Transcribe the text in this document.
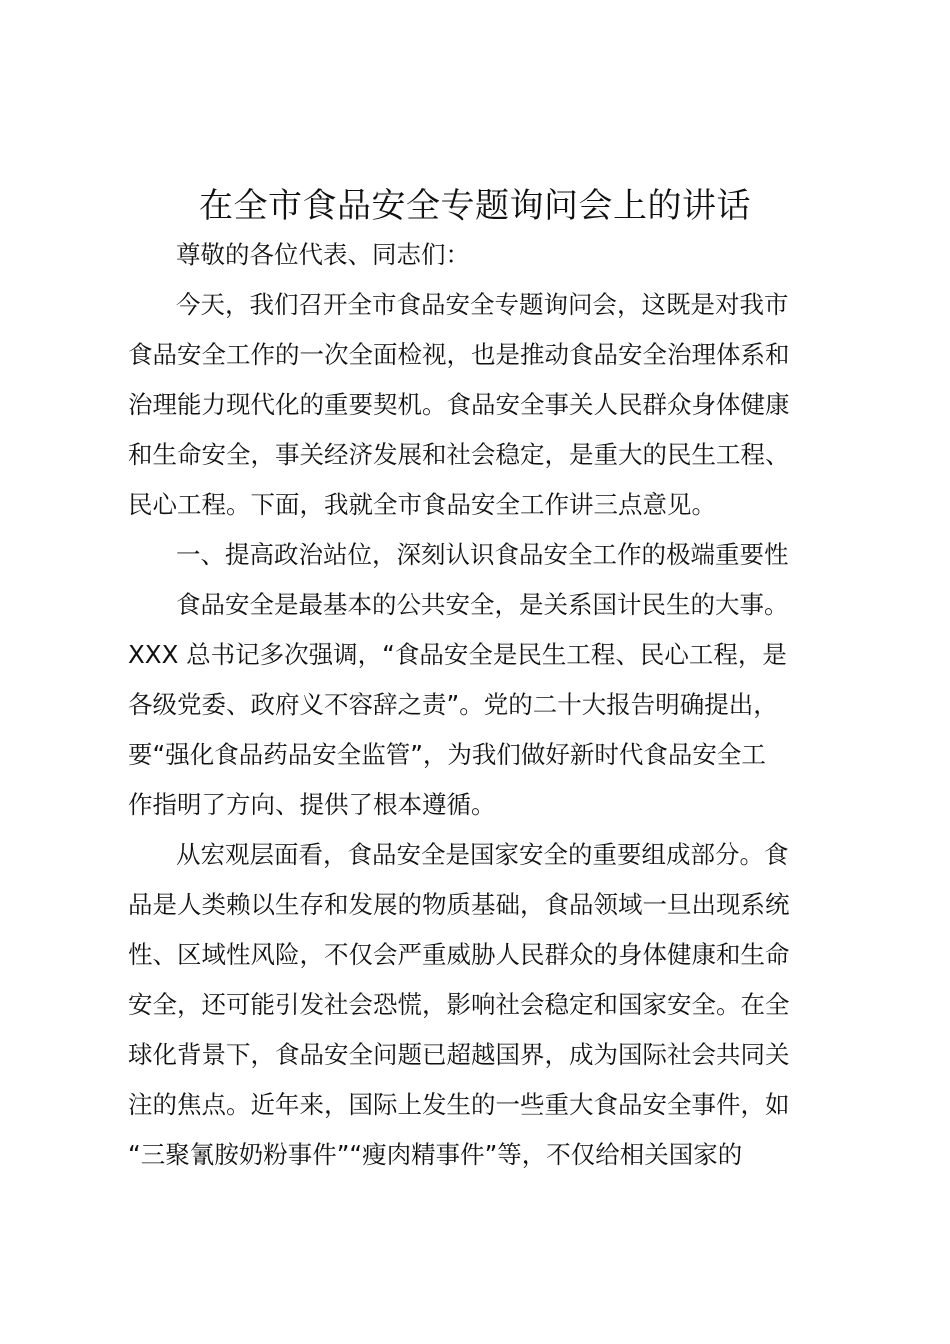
在全市食品安全专题询问会上的讲话

尊敬的各位代表、同志们：

今天，我们召开全市食品安全专题询问会，这既是对我市

食品安全工作的一次全面检视，也是推动食品安全治理体系和

治理能力现代化的重要契机。食品安全事关人民群众身体健康

和生命安全，事关经济发展和社会稳定，是重大的民生工程、

民心工程。下面，我就全市食品安全工作讲三点意见。

一、提高政治站位，深刻认识食品安全工作的极端重要性

食品安全是最基本的公共安全，是关系国计民生的大事。

XXX 总书记多次强调，“食品安全是民生工程、民心工程，是

各级党委、政府义不容辞之责”。党的二十大报告明确提出，

要“强化食品药品安全监管”，为我们做好新时代食品安全工

作指明了方向、提供了根本遵循。

从宏观层面看，食品安全是国家安全的重要组成部分。食

品是人类赖以生存和发展的物质基础，食品领域一旦出现系统

性、区域性风险，不仅会严重威胁人民群众的身体健康和生命

安全，还可能引发社会恐慌，影响社会稳定和国家安全。在全

球化背景下，食品安全问题已超越国界，成为国际社会共同关

注的焦点。近年来，国际上发生的一些重大食品安全事件，如

“三聚氰胺奶粉事件”“瘦肉精事件”等，不仅给相关国家的
